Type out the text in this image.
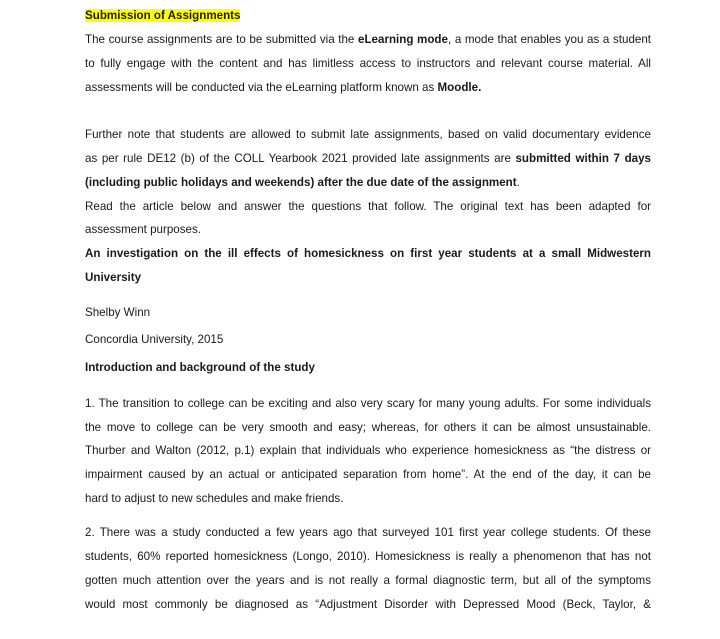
Submission of Assignments
The course assignments are to be submitted via the eLearning mode, a mode that enables you as a student
to fully engage with the content and has limitless access to instructors and relevant course material. All
assessments will be conducted via the eLearning platform known as Moodle.
Further note that students are allowed to submit late assignments, based on valid documentary evidence
as per rule DE12 (b) of the COLL Yearbook 2021 provided late assignments are submitted within 7 days
(including public holidays and weekends) after the due date of the assignment.
Read the article below and answer the questions that follow. The original text has been adapted for
assessment purposes.
An investigation on the ill effects of homesickness on first year students at a small Midwestern
University
Shelby Winn
Concordia University, 2015
Introduction and background of the study
1. The transition to college can be exciting and also very scary for many young adults. For some individuals
the move to college can be very smooth and easy; whereas, for others it can be almost unsustainable.
Thurber and Walton (2012, p.1) explain that individuals who experience homesickness as “the distress or
impairment caused by an actual or anticipated separation from home”. At the end of the day, it can be
hard to adjust to new schedules and make friends.
2. There was a study conducted a few years ago that surveyed 101 first year college students. Of these
students, 60% reported homesickness (Longo, 2010). Homesickness is really a phenomenon that has not
gotten much attention over the years and is not really a formal diagnostic term, but all of the symptoms
would most commonly be diagnosed as “Adjustment Disorder with Depressed Mood (Beck, Taylor, &
